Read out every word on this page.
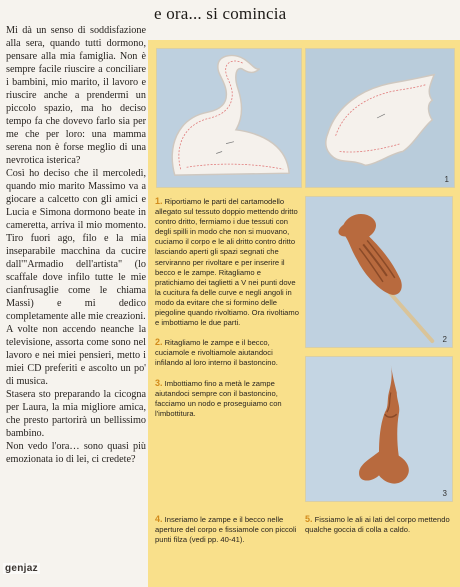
Mi dà un senso di soddisfazione alla sera, quando tutti dormono, pensare alla mia famiglia. Non è sempre facile riuscire a conciliare i bambini, mio marito, il lavoro e riuscire anche a prendermi un piccolo spazio, ma ho deciso tempo fa che dovevo farlo sia per me che per loro: una mamma serena non è forse meglio di una nevrotica isterica?

Così ho deciso che il mercoledì, quando mio marito Massimo va a giocare a calcetto con gli amici e Lucia e Simona dormono beate in cameretta, arriva il mio momento. Tiro fuori ago, filo e la mia inseparabile macchina da cucire dall'"Armadio dell'artista" (lo scaffale dove infilo tutte le mie cianfrusaglie come le chiama Massi) e mi dedico completamente alle mie creazioni.

A volte non accendo neanche la televisione, assorta come sono nel lavoro e nei miei pensieri, metto i miei CD preferiti e ascolto un po' di musica.

Stasera sto preparando la cicogna per Laura, la mia migliore amica, che presto partorirà un bellissimo bambino.

Non vedo l'ora… sono quasi più emozionata io di lei, ci credete?

genjaz
e ora... si comincia
1
2
3
1. Riportiamo le parti del cartamodello allegato sul tessuto doppio mettendo dritto contro dritto, fermiamo i due tessuti con degli spilli in modo che non si muovano, cuciamo il corpo e le ali dritto contro dritto lasciando aperti gli spazi segnati che serviranno per rivoltare e per inserire il becco e le zampe. Ritagliamo e pratichiamo dei taglietti a V nei punti dove la cucitura fa delle curve e negli angoli in modo da evitare che si formino delle piegoline quando rivoltiamo. Ora rivoltiamo e imbottiamo le due parti.
2. Ritagliamo le zampe e il becco, cuciamole e rivoltiamole aiutandoci infilando al loro interno il bastoncino.
3. Imbottiamo fino a metà le zampe aiutandoci sempre con il bastoncino, facciamo un nodo e proseguiamo con l'imbottitura.
4. Inseriamo le zampe e il becco nelle aperture del corpo e fissiamole con piccoli punti filza (vedi pp. 40-41).
5. Fissiamo le ali ai lati del corpo mettendo qualche goccia di colla a caldo.
